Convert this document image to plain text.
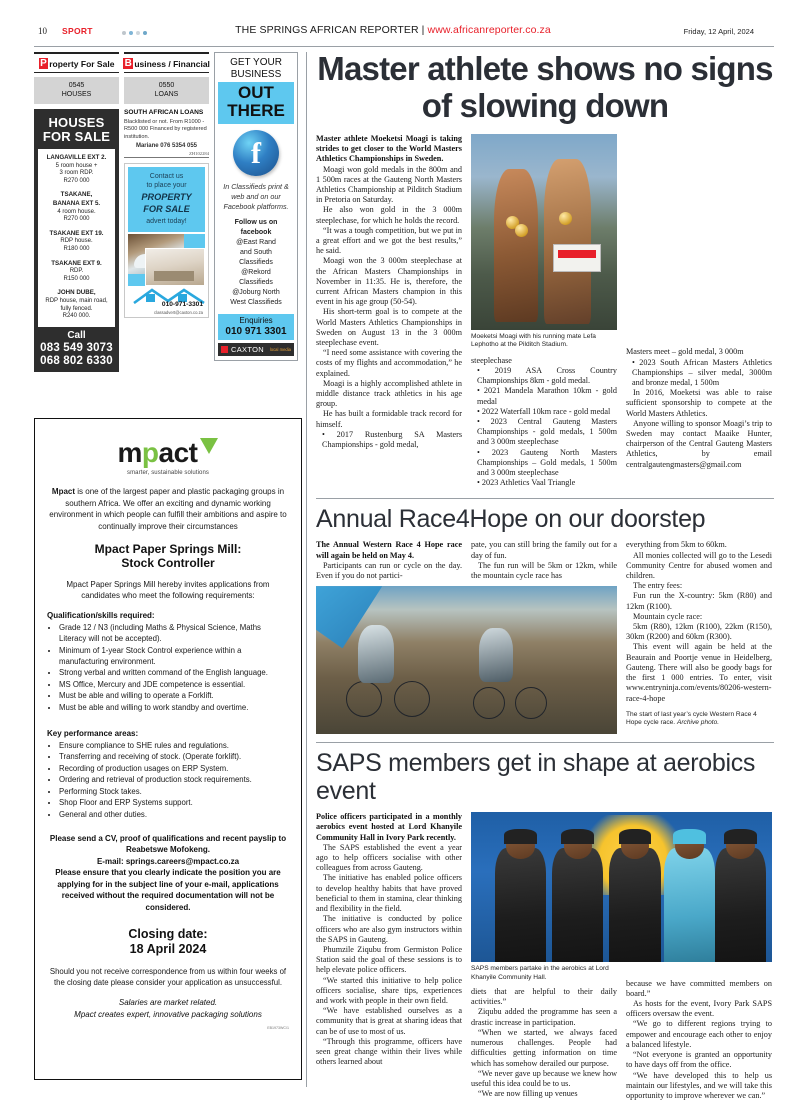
10 SPORT	THE SPRINGS AFRICAN REPORTER | www.africanreporter.co.za	Friday, 12 April, 2024
P roperty For Sale
0545
HOUSES
HOUSES
FOR SALE
LANGAVILLE EXT 2.
5 room house +
3 room RDP.
R270 000
TSAKANE,
BANANA EXT 5.
4 room house.
R270 000
TSAKANE EXT 19.
RDP house.
R180 000
TSAKANE EXT 9.
RDP.
R150 000
JOHN DUBE,
RDP house, main road,
fully fenced.
R240 000.
Call
083 549 3073
068 802 6330
B usiness / Financial
0550
LOANS
SOUTH AFRICAN LOANS
Blacklisted or not. From R1000 - R500 000 Financed by registered institution.
Mariane 076 5354 055
ZH102284
Contact us
to place your
PROPERTY
FOR SALE
advert today!
010-971-3301
classadvert@caxton.co.za
GET YOUR
BUSINESS
OUT
THERE
f
In Classifieds print & web and on our Facebook platforms.
Follow us on
facebook
@East Rand
and South
Classifieds
@Rekord
Classifieds
@Joburg North
West Classifieds
Enquiries
010 971 3301
CAXTON local media
mpact
smarter, sustainable solutions
Mpact is one of the largest paper and plastic packaging groups in southern Africa. We offer an exciting and dynamic working environment in which people can fulfill their ambitions and aspire to continually improve their circumstances
Mpact Paper Springs Mill:
Stock Controller
Mpact Paper Springs Mill hereby invites applications from candidates who meet the following requirements:
Qualification/skills required:
• Grade 12 / N3 (including Maths & Physical Science, Maths Literacy will not be accepted).
• Minimum of 1-year Stock Control experience within a manufacturing environment.
• Strong verbal and written command of the English language.
• MS Office, Mercury and JDE competence is essential.
• Must be able and willing to operate a Forklift.
• Must be able and willing to work standby and overtime.
Key performance areas:
• Ensure compliance to SHE rules and regulations.
• Transferring and receiving of stock. (Operate forklift).
• Recording of production usages on ERP System.
• Ordering and retrieval of production stock requirements.
• Performing Stock takes.
• Shop Floor and ERP Systems support.
• General and other duties.
Please send a CV, proof of qualifications and recent payslip to Reabetswe Mofokeng.
E-mail: springs.careers@mpact.co.za
Please ensure that you clearly indicate the position you are applying for in the subject line of your e-mail, applications received without the required documentation will not be considered.
Closing date:
18 April 2024
Should you not receive correspondence from us within four weeks of the closing date please consider your application as unsuccessful.
Salaries are market related.
Mpact creates expert, innovative packaging solutions
EB1973WC/1
Master athlete shows no signs of slowing down
Master athlete Moeketsi Moagi is taking strides to get closer to the World Masters Athletics Championships in Sweden.

Moagi won gold medals in the 800m and 1 500m races at the Gauteng North Masters Athletics Championship at Pilditch Stadium in Pretoria on Saturday.

He also won gold in the 3 000m steeplechase, for which he holds the record.

“It was a tough competition, but we put in a great effort and we got the best results,” he said.

Moagi won the 3 000m steeplechase at the African Masters Championships in November in 11:35. He is, therefore, the current African Masters champion in this event in his age group (50-54).

His short-term goal is to compete at the World Masters Athletics Championships in Sweden on August 13 in the 3 000m steeplechase event.

“I need some assistance with covering the costs of my flights and accommodation,” he explained.

Moagi is a highly accomplished athlete in middle distance track athletics in his age group.

He has built a formidable track record for himself.

• 2017 Rustenburg SA Masters Championships - gold medal,

Moeketsi Moagi with his running mate Lefa Lephotho at the Pilditch Stadium.

steeplechase

• 2019 ASA Cross Country Championships 8km - gold medal.

• 2021 Mandela Marathon 10km - gold medal

• 2022 Waterfall 10km race - gold medal

• 2023 Central Gauteng Masters Championships - gold medals, 1 500m and 3 000m steeplechase

• 2023 Gauteng North Masters Championships – Gold medals, 1 500m and 3 000m steeplechase

• 2023 Athletics Vaal Triangle

Masters meet – gold medal, 3 000m

• 2023 South African Masters Athletics Championships – silver medal, 3000m and bronze medal, 1 500m

In 2016, Moeketsi was able to raise sufficient sponsorship to compete at the World Masters Athletics.

Anyone willing to sponsor Moagi’s trip to Sweden may contact Maaike Hunter, chairperson of the Central Gauteng Masters Athletics, by email centralgautengmasters@gmail.com

Annual Race4Hope on our doorstep
The Annual Western Race 4 Hope race will again be held on May 4.

Participants can run or cycle on the day. Even if you do not partici-

pate, you can still bring the family out for a day of fun.

The fun run will be 5km or 12km, while the mountain cycle race has

everything from 5km to 60km.

All monies collected will go to the Lesedi Community Centre for abused women and children.

The entry fees:

Fun run the X-country: 5km (R80) and 12km (R100).

Mountain cycle race:

5km (R80), 12km (R100), 22km (R150), 30km (R200) and 60km (R300).

This event will again be held at the Beaurain and Poortje venue in Heidelberg, Gauteng. There will also be goody bags for the first 1 000 entries. To enter, visit www.entryninja.com/events/80206-western-race-4-hope

The start of last year’s cycle Western Race 4 Hope cycle race. Archive photo.
SAPS members get in shape at aerobics event
Police officers participated in a monthly aerobics event hosted at Lord Khanyile Community Hall in Ivory Park recently.

The SAPS established the event a year ago to help officers socialise with other colleagues from across Gauteng.

The initiative has enabled police officers to develop healthy habits that have proved beneficial to them in stamina, clear thinking and flexibility in the field.

The initiative is conducted by police officers who are also gym instructors within the SAPS in Gauteng.

Phumzile Ziqubu from Germiston Police Station said the goal of these sessions is to help elevate police officers.

“We started this initiative to help police officers socialise, share tips, experiences and work with people in their own field.

“We have established ourselves as a community that is great at sharing ideas that can be of use to most of us.

“Through this programme, officers have seen great change within their lives while others learned about

SAPS members partake in the aerobics at Lord Khanyile Community Hall.

diets that are helpful to their daily activities.”

Ziqubu added the programme has seen a drastic increase in participation.

“When we started, we always faced numerous challenges. People had difficulties getting information on time which has somehow derailed our purpose.

“We never gave up because we knew how useful this idea could be to us.

“We are now filling up venues

because we have committed members on board.”

As hosts for the event, Ivory Park SAPS officers oversaw the event.

“We go to different regions trying to empower and encourage each other to enjoy a balanced lifestyle.

“Not everyone is granted an opportunity to have days off from the office.

“We have developed this to help us maintain our lifestyles, and we will take this opportunity to improve wherever we can.”
